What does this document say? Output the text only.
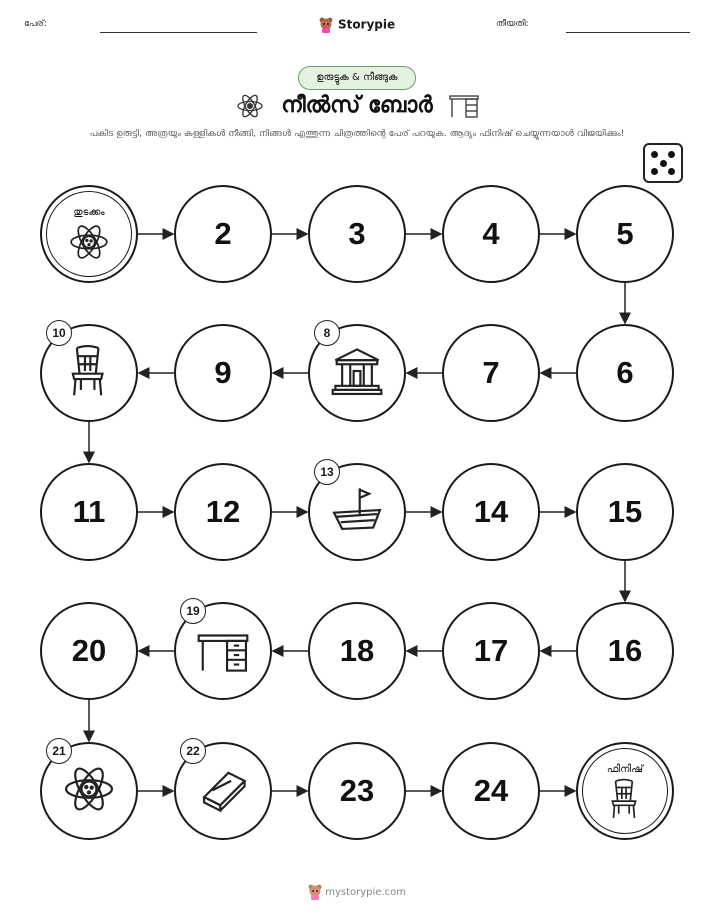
പേര്:	Storypie	തീയതി:
ഉരുട്ടുക & നീങ്ങുക
നീൽസ് ബോർ
പകിട ഉരുട്ടി, അത്രയും കള്ളികൾ നീങ്ങി, നിങ്ങൾ എത്തുന്ന ചിത്രത്തിന്റെ പേര് പറയുക. ആദ്യം ഫിനിഷ് ചെയ്യുന്നയാൾ വിജയിക്കും!
തുടക്കം
2	3	4	5
6
7
8
9
10
11	12
13
14	15
16
17
18
19
20
21	22
23	24
ഫിനിഷ്
mystorypie.com
